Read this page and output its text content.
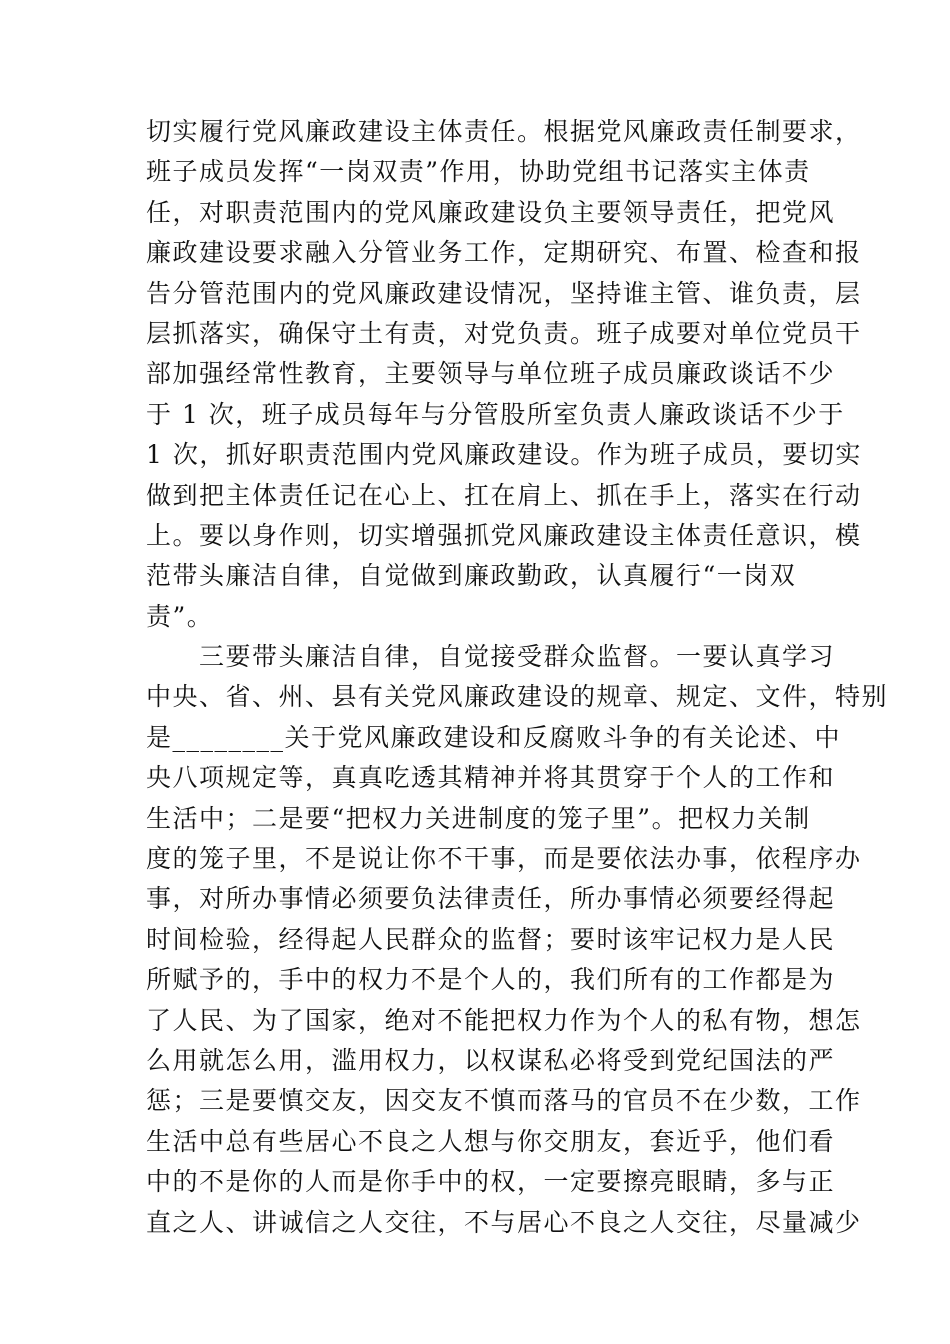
切实履行党风廉政建设主体责任。根据党风廉政责任制要求，
班子成员发挥“一岗双责”作用，协助党组书记落实主体责
任，对职责范围内的党风廉政建设负主要领导责任，把党风
廉政建设要求融入分管业务工作，定期研究、布置、检查和报
告分管范围内的党风廉政建设情况，坚持谁主管、谁负责，层
层抓落实，确保守土有责，对党负责。班子成要对单位党员干
部加强经常性教育，主要领导与单位班子成员廉政谈话不少
于 1 次，班子成员每年与分管股所室负责人廉政谈话不少于
1 次，抓好职责范围内党风廉政建设。作为班子成员，要切实
做到把主体责任记在心上、扛在肩上、抓在手上，落实在行动
上。要以身作则，切实增强抓党风廉政建设主体责任意识，模
范带头廉洁自律，自觉做到廉政勤政，认真履行“一岗双
责”。
三要带头廉洁自律，自觉接受群众监督。一要认真学习
中央、省、州、县有关党风廉政建设的规章、规定、文件，特别
是________关于党风廉政建设和反腐败斗争的有关论述、中
央八项规定等，真真吃透其精神并将其贯穿于个人的工作和
生活中；二是要“把权力关进制度的笼子里”。把权力关制
度的笼子里，不是说让你不干事，而是要依法办事，依程序办
事，对所办事情必须要负法律责任，所办事情必须要经得起
时间检验，经得起人民群众的监督；要时该牢记权力是人民
所赋予的，手中的权力不是个人的，我们所有的工作都是为
了人民、为了国家，绝对不能把权力作为个人的私有物，想怎
么用就怎么用，滥用权力，以权谋私必将受到党纪国法的严
惩；三是要慎交友，因交友不慎而落马的官员不在少数，工作
生活中总有些居心不良之人想与你交朋友，套近乎，他们看
中的不是你的人而是你手中的权，一定要擦亮眼睛，多与正
直之人、讲诚信之人交往，不与居心不良之人交往，尽量减少
